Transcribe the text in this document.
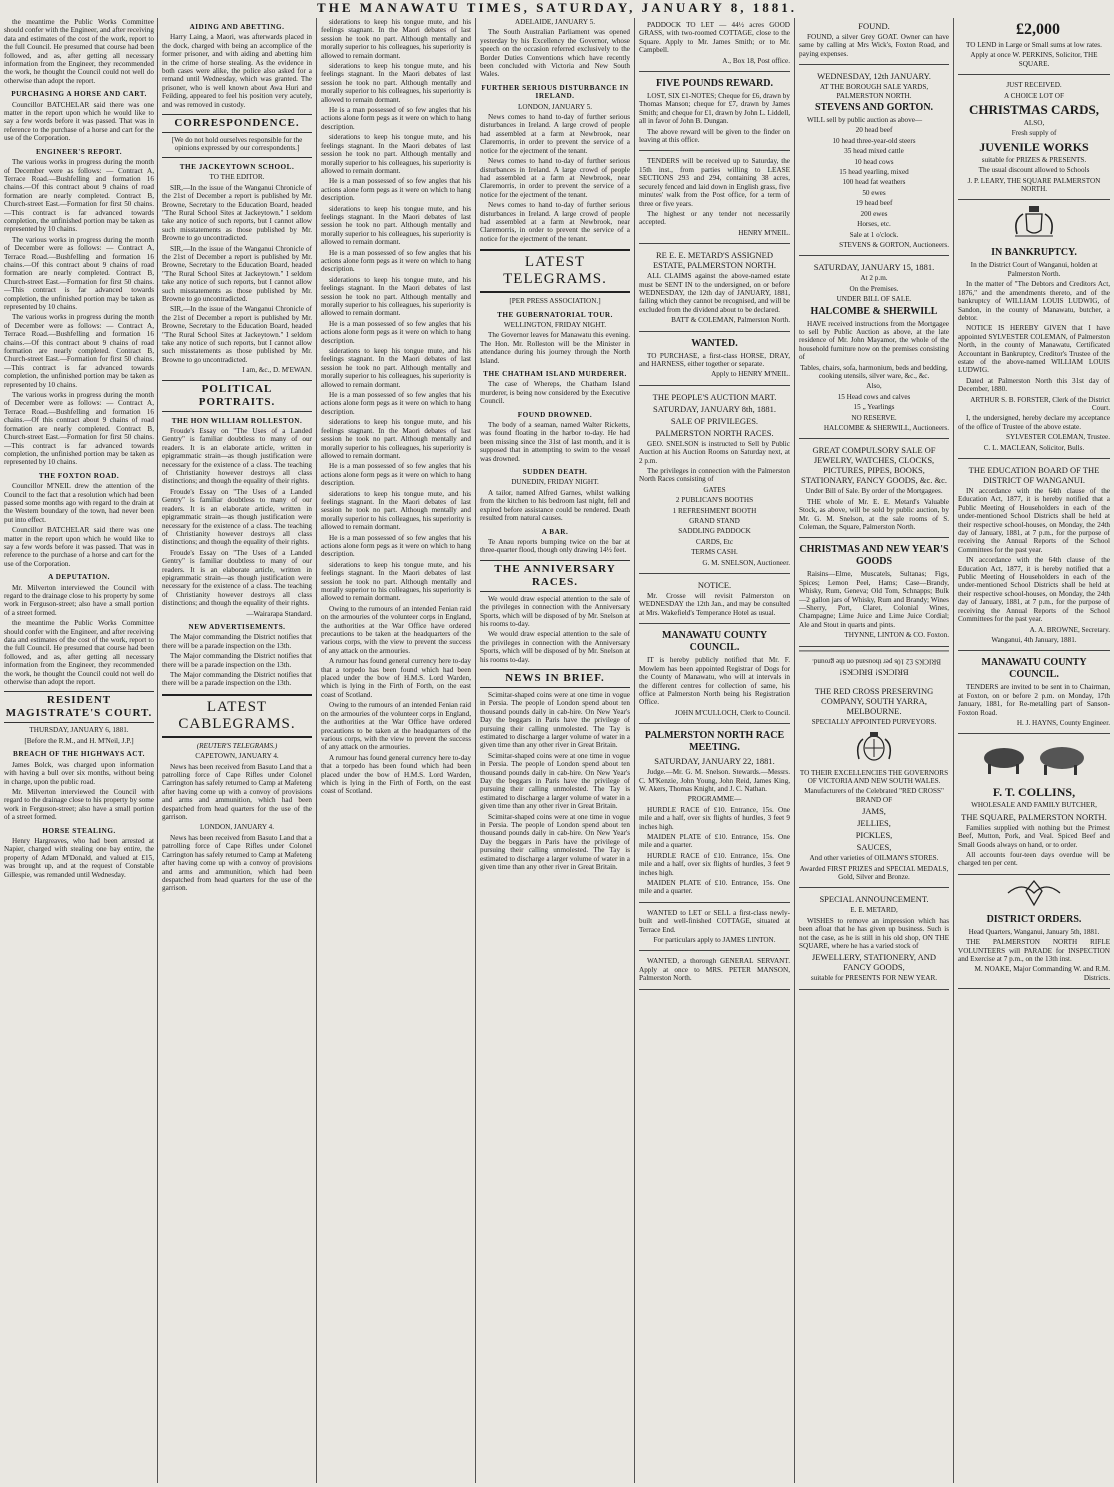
THE MANAWATU TIMES, SATURDAY, JANUARY 8, 1881.

the meantime the Public Works Committee should confer with the Engineer, and after receiving data and estimates of the cost of the work, report to the full Council. He presumed that course had been followed, and as, after getting all necessary information from the Engineer, they recommended the work, he thought the Council could not well do otherwise than adopt the report.

PURCHASING A HORSE AND CART.

Councillor BATCHELAR said there was one matter in the report upon which he would like to say a few words before it was passed. That was in reference to the purchase of a horse and cart for the use of the Corporation.

ENGINEER'S REPORT.

The various works in progress during the month of December were as follows: — Contract A, Terrace Road.—Bushfelling and formation 16 chains.—Of this contract about 9 chains of road formation are nearly completed. Contract B, Church-street East.—Formation for first 50 chains.—This contract is far advanced towards completion, the unfinished portion may be taken as represented by 10 chains.

The various works in progress during the month of December were as follows: — Contract A, Terrace Road.—Bushfelling and formation 16 chains.—Of this contract about 9 chains of road formation are nearly completed. Contract B, Church-street East.—Formation for first 50 chains.—This contract is far advanced towards completion, the unfinished portion may be taken as represented by 10 chains.

The various works in progress during the month of December were as follows: — Contract A, Terrace Road.—Bushfelling and formation 16 chains.—Of this contract about 9 chains of road formation are nearly completed. Contract B, Church-street East.—Formation for first 50 chains.—This contract is far advanced towards completion, the unfinished portion may be taken as represented by 10 chains.

The various works in progress during the month of December were as follows: — Contract A, Terrace Road.—Bushfelling and formation 16 chains.—Of this contract about 9 chains of road formation are nearly completed. Contract B, Church-street East.—Formation for first 50 chains.—This contract is far advanced towards completion, the unfinished portion may be taken as represented by 10 chains.

THE FOXTON ROAD.

Councillor M'NEIL drew the attention of the Council to the fact that a resolution which had been passed some months ago with regard to the drain at the Western boundary of the town, had never been put into effect.

Councillor BATCHELAR said there was one matter in the report upon which he would like to say a few words before it was passed. That was in reference to the purchase of a horse and cart for the use of the Corporation.

A DEPUTATION.

Mr. Milverton interviewed the Council with regard to the drainage close to his property by some work in Ferguson-street; also have a small portion of a street formed.

the meantime the Public Works Committee should confer with the Engineer, and after receiving data and estimates of the cost of the work, report to the full Council. He presumed that course had been followed, and as, after getting all necessary information from the Engineer, they recommended the work, he thought the Council could not well do otherwise than adopt the report.

RESIDENT MAGISTRATE'S COURT.

THURSDAY, JANUARY 6, 1881.

[Before the R.M., and H. M'Neil, J.P.]

BREACH OF THE HIGHWAYS ACT.

James Bolck, was charged upon information with having a bull over six months, without being in charge, upon the public road.

Mr. Milverton interviewed the Council with regard to the drainage close to his property by some work in Ferguson-street; also have a small portion of a street formed.

HORSE STEALING.

Henry Hargreaves, who had been arrested at Napier, charged with stealing one bay entire, the property of Adam M'Donald, and valued at £15, was brought up, and at the request of Constable Gillespie, was remanded until Wednesday.

AIDING AND ABETTING.

Harry Laing, a Maori, was afterwards placed in the dock, charged with being an accomplice of the former prisoner, and with aiding and abetting him in the crime of horse stealing. As the evidence in both cases were alike, the police also asked for a remand until Wednesday, which was granted. The prisoner, who is well known about Awa Huri and Feilding, appeared to feel his position very acutely, and was removed in custody.

CORRESPONDENCE.

[We do not hold ourselves responsible for the opinions expressed by our correspondents.]

THE JACKEYTOWN SCHOOL.

TO THE EDITOR.

SIR,—In the issue of the Wanganui Chronicle of the 21st of December a report is published by Mr. Browne, Secretary to the Education Board, headed "The Rural School Sites at Jackeytown." I seldom take any notice of such reports, but I cannot allow such misstatements as those published by Mr. Browne to go uncontradicted.

SIR,—In the issue of the Wanganui Chronicle of the 21st of December a report is published by Mr. Browne, Secretary to the Education Board, headed "The Rural School Sites at Jackeytown." I seldom take any notice of such reports, but I cannot allow such misstatements as those published by Mr. Browne to go uncontradicted.

SIR,—In the issue of the Wanganui Chronicle of the 21st of December a report is published by Mr. Browne, Secretary to the Education Board, headed "The Rural School Sites at Jackeytown." I seldom take any notice of such reports, but I cannot allow such misstatements as those published by Mr. Browne to go uncontradicted.

I am, &c., D. M'EWAN.

POLITICAL PORTRAITS.

THE HON WILLIAM ROLLESTON.

Froude's Essay on "The Uses of a Landed Gentry" is familiar doubtless to many of our readers. It is an elaborate article, written in epigrammatic strain—as though justification were necessary for the existence of a class. The teaching of Christianity however destroys all class distinctions; and though the equality of their rights.

Froude's Essay on "The Uses of a Landed Gentry" is familiar doubtless to many of our readers. It is an elaborate article, written in epigrammatic strain—as though justification were necessary for the existence of a class. The teaching of Christianity however destroys all class distinctions; and though the equality of their rights.

Froude's Essay on "The Uses of a Landed Gentry" is familiar doubtless to many of our readers. It is an elaborate article, written in epigrammatic strain—as though justification were necessary for the existence of a class. The teaching of Christianity however destroys all class distinctions; and though the equality of their rights.

—Wairarapa Standard.

NEW ADVERTISEMENTS.

The Major commanding the District notifies that there will be a parade inspection on the 13th.

The Major commanding the District notifies that there will be a parade inspection on the 13th.

The Major commanding the District notifies that there will be a parade inspection on the 13th.

LATEST CABLEGRAMS.

(REUTER'S TELEGRAMS.)

CAPETOWN, JANUARY 4.

News has been received from Basuto Land that a patrolling force of Cape Rifles under Colonel Carrington has safely returned to Camp at Mafeteng after having come up with a convoy of provisions and arms and ammunition, which had been despatched from head quarters for the use of the garrison.

LONDON, JANUARY 4.

News has been received from Basuto Land that a patrolling force of Cape Rifles under Colonel Carrington has safely returned to Camp at Mafeteng after having come up with a convoy of provisions and arms and ammunition, which had been despatched from head quarters for the use of the garrison.

siderations to keep his tongue mute, and his feelings stagnant. In the Maori debates of last session he took no part. Although mentally and morally superior to his colleagues, his superiority is allowed to remain dormant.

siderations to keep his tongue mute, and his feelings stagnant. In the Maori debates of last session he took no part. Although mentally and morally superior to his colleagues, his superiority is allowed to remain dormant.

He is a man possessed of so few angles that his actions alone form pegs as it were on which to hang description.

siderations to keep his tongue mute, and his feelings stagnant. In the Maori debates of last session he took no part. Although mentally and morally superior to his colleagues, his superiority is allowed to remain dormant.

He is a man possessed of so few angles that his actions alone form pegs as it were on which to hang description.

siderations to keep his tongue mute, and his feelings stagnant. In the Maori debates of last session he took no part. Although mentally and morally superior to his colleagues, his superiority is allowed to remain dormant.

He is a man possessed of so few angles that his actions alone form pegs as it were on which to hang description.

siderations to keep his tongue mute, and his feelings stagnant. In the Maori debates of last session he took no part. Although mentally and morally superior to his colleagues, his superiority is allowed to remain dormant.

He is a man possessed of so few angles that his actions alone form pegs as it were on which to hang description.

siderations to keep his tongue mute, and his feelings stagnant. In the Maori debates of last session he took no part. Although mentally and morally superior to his colleagues, his superiority is allowed to remain dormant.

He is a man possessed of so few angles that his actions alone form pegs as it were on which to hang description.

siderations to keep his tongue mute, and his feelings stagnant. In the Maori debates of last session he took no part. Although mentally and morally superior to his colleagues, his superiority is allowed to remain dormant.

He is a man possessed of so few angles that his actions alone form pegs as it were on which to hang description.

siderations to keep his tongue mute, and his feelings stagnant. In the Maori debates of last session he took no part. Although mentally and morally superior to his colleagues, his superiority is allowed to remain dormant.

He is a man possessed of so few angles that his actions alone form pegs as it were on which to hang description.

siderations to keep his tongue mute, and his feelings stagnant. In the Maori debates of last session he took no part. Although mentally and morally superior to his colleagues, his superiority is allowed to remain dormant.

Owing to the rumours of an intended Fenian raid on the armouries of the volunteer corps in England, the authorities at the War Office have ordered precautions to be taken at the headquarters of the various corps, with the view to prevent the success of any attack on the armouries.

A rumour has found general currency here to-day that a torpedo has been found which had been placed under the bow of H.M.S. Lord Warden, which is lying in the Firth of Forth, on the east coast of Scotland.

Owing to the rumours of an intended Fenian raid on the armouries of the volunteer corps in England, the authorities at the War Office have ordered precautions to be taken at the headquarters of the various corps, with the view to prevent the success of any attack on the armouries.

A rumour has found general currency here to-day that a torpedo has been found which had been placed under the bow of H.M.S. Lord Warden, which is lying in the Firth of Forth, on the east coast of Scotland.

ADELAIDE, JANUARY 5.

The South Australian Parliament was opened yesterday by his Excellency the Governor, whose speech on the occasion referred exclusively to the Border Duties Conventions which have recently been concluded with Victoria and New South Wales.

FURTHER SERIOUS DISTURBANCE IN IRELAND.

LONDON, JANUARY 5.

News comes to hand to-day of further serious disturbances in Ireland. A large crowd of people had assembled at a farm at Newbrook, near Claremorris, in order to prevent the service of a notice for the ejectment of the tenant.

News comes to hand to-day of further serious disturbances in Ireland. A large crowd of people had assembled at a farm at Newbrook, near Claremorris, in order to prevent the service of a notice for the ejectment of the tenant.

News comes to hand to-day of further serious disturbances in Ireland. A large crowd of people had assembled at a farm at Newbrook, near Claremorris, in order to prevent the service of a notice for the ejectment of the tenant.

LATEST TELEGRAMS.

[PER PRESS ASSOCIATION.]

THE GUBERNATORIAL TOUR.

WELLINGTON, FRIDAY NIGHT.

The Governor leaves for Manawatu this evening. The Hon. Mr. Rolleston will be the Minister in attendance during his journey through the North Island.

THE CHATHAM ISLAND MURDERER.

The case of Whereps, the Chatham Island murderer, is being now considered by the Executive Council.

FOUND DROWNED.

The body of a seaman, named Walter Ricketts, was found floating in the harbor to-day. He had been missing since the 31st of last month, and it is supposed that in attempting to swim to the vessel was drowned.

SUDDEN DEATH.

DUNEDIN, FRIDAY NIGHT.

A tailor, named Alfred Garnes, whilst walking from the kitchen to his bedroom last night, fell and expired before assistance could be rendered. Death resulted from natural causes.

A BAR.

Te Anau reports bumping twice on the bar at three-quarter flood, though only drawing 14½ feet.

THE ANNIVERSARY RACES.

We would draw especial attention to the sale of the privileges in connection with the Anniversary Sports, which will be disposed of by Mr. Snelson at his rooms to-day.

We would draw especial attention to the sale of the privileges in connection with the Anniversary Sports, which will be disposed of by Mr. Snelson at his rooms to-day.

NEWS IN BRIEF.

Scimitar-shaped coins were at one time in vogue in Persia. The people of London spend about ten thousand pounds daily in cab-hire. On New Year's Day the beggars in Paris have the privilege of pursuing their calling unmolested. The Tay is estimated to discharge a larger volume of water in a given time than any other river in Great Britain.

Scimitar-shaped coins were at one time in vogue in Persia. The people of London spend about ten thousand pounds daily in cab-hire. On New Year's Day the beggars in Paris have the privilege of pursuing their calling unmolested. The Tay is estimated to discharge a larger volume of water in a given time than any other river in Great Britain.

Scimitar-shaped coins were at one time in vogue in Persia. The people of London spend about ten thousand pounds daily in cab-hire. On New Year's Day the beggars in Paris have the privilege of pursuing their calling unmolested. The Tay is estimated to discharge a larger volume of water in a given time than any other river in Great Britain.

PADDOCK TO LET — 44½ acres GOOD GRASS, with two-roomed COTTAGE, close to the Square. Apply to Mr. James Smith; or to Mr. Campbell.

A., Box 18, Post office.

FIVE POUNDS REWARD.

LOST, SIX £1-NOTES; Cheque for £6, drawn by Thomas Manson; cheque for £7, drawn by James Smith; and cheque for £1, drawn by John L. Liddell, all in favor of John B. Dungan.

The above reward will be given to the finder on leaving at this office.

TENDERS will be received up to Saturday, the 15th inst., from parties willing to LEASE SECTIONS 293 and 294, containing 38 acres, securely fenced and laid down in English grass, five minutes' walk from the Post office, for a term of three or five years.

The highest or any tender not necessarily accepted.

HENRY M'NEIL.

RE E. E. METARD'S ASSIGNED ESTATE, PALMERSTON NORTH.

ALL CLAIMS against the above-named estate must be SENT IN to the undersigned, on or before WEDNESDAY, the 12th day of JANUARY, 1881, failing which they cannot be recognised, and will be excluded from the dividend about to be declared.

BATT & COLEMAN, Palmerston North.

WANTED.

TO PURCHASE, a first-class HORSE, DRAY, and HARNESS, either together or separate.

Apply to HENRY M'NEIL.

THE PEOPLE'S AUCTION MART.

SATURDAY, JANUARY 8th, 1881.

SALE OF PRIVILEGES.

PALMERSTON NORTH RACES.

GEO. SNELSON is instructed to Sell by Public Auction at his Auction Rooms on Saturday next, at 2 p.m.

The privileges in connection with the Palmerston North Races consisting of

GATES

2 PUBLICAN'S BOOTHS

1 REFRESHMENT BOOTH

GRAND STAND

SADDLING PADDOCK

CARDS, Etc

TERMS CASH.

G. M. SNELSON, Auctioneer.

NOTICE.

Mr. Crosse will revisit Palmerston on WEDNESDAY the 12th Jan., and may be consulted at Mrs. Wakefield's Temperance Hotel as usual.

MANAWATU COUNTY COUNCIL.

IT is hereby publicly notified that Mr. F. Mowlem has been appointed Registrar of Dogs for the County of Manawatu, who will at intervals in the different centres for collection of same, his office at Palmerston North being his Registration Office.

JOHN M'CULLOCH, Clerk to Council.

PALMERSTON NORTH RACE MEETING.

SATURDAY, JANUARY 22, 1881.

Judge.—Mr. G. M. Snelson. Stewards.—Messrs. C. M'Kenzie, John Young, John Reid, James King, W. Akers, Thomas Knight, and J. C. Nathan.

PROGRAMME—

HURDLE RACE of £10. Entrance, 15s. One mile and a half, over six flights of hurdles, 3 feet 9 inches high.

MAIDEN PLATE of £10. Entrance, 15s. One mile and a quarter.

HURDLE RACE of £10. Entrance, 15s. One mile and a half, over six flights of hurdles, 3 feet 9 inches high.

MAIDEN PLATE of £10. Entrance, 15s. One mile and a quarter.

WANTED to LET or SELL a first-class newly-built and well-finished COTTAGE, situated at Terrace End.

For particulars apply to JAMES LINTON.

WANTED, a thorough GENERAL SERVANT. Apply at once to MRS. PETER MANSON, Palmerston North.

FOUND.

FOUND, a silver Grey GOAT. Owner can have same by calling at Mrs Wick's, Foxton Road, and paying expenses.

WEDNESDAY, 12th JANUARY.

AT THE BOROUGH SALE YARDS, PALMERSTON NORTH.

STEVENS AND GORTON.

WILL sell by public auction as above—

20 head beef

10 head three-year-old steers

35 head mixed cattle

10 head cows

15 head yearling, mixed

100 head fat weathers

50 ewes

19 head beef

200 ewes

Horses, etc.

Sale at 1 o'clock.

STEVENS & GORTON, Auctioneers.

SATURDAY, JANUARY 15, 1881.

At 2 p.m.

On the Premises.

UNDER BILL OF SALE.

HALCOMBE & SHERWILL

HAVE received instructions from the Mortgagee to sell by Public Auction as above, at the late residence of Mr. John Mayamor, the whole of the household furniture now on the premises consisting of

Tables, chairs, sofa, harmonium, beds and bedding, cooking utensils, silver ware, &c., &c.

Also,

15 Head cows and calves

15 „ Yearlings

NO RESERVE.

HALCOMBE & SHERWILL, Auctioneers.

GREAT COMPULSORY SALE OF JEWELRY, WATCHES, CLOCKS, PICTURES, PIPES, BOOKS, STATIONARY, FANCY GOODS, &c. &c.

Under Bill of Sale. By order of the Mortgagees.

THE whole of Mr. E. E. Metard's Valuable Stock, as above, will be sold by public auction, by Mr. G. M. Snelson, at the sale rooms of S. Coleman, the Square, Palmerston North.

CHRISTMAS AND NEW YEAR'S GOODS

Raisins—Elme, Muscatels, Sultanas; Figs, Spices; Lemon Peel, Hams; Case—Brandy, Whisky, Rum, Geneva; Old Tom, Schnapps; Bulk—2 gallon jars of Whisky, Rum and Brandy; Wines—Sherry, Port, Claret, Colonial Wines, Champagne; Lime Juice and Lime Juice Cordial; Ale and Stout in quarts and pints.

THYNNE, LINTON & CO. Foxton.

BRICKS! BRICKS!

BRICKS £2 10s per thousand on the ground.

THE RED CROSS PRESERVING COMPANY, SOUTH YARRA, MELBOURNE.

SPECIALLY APPOINTED PURVEYORS.

TO THEIR EXCELLENCIES THE GOVERNORS OF VICTORIA AND NEW SOUTH WALES.

Manufacturers of the Celebrated "RED CROSS" BRAND OF

JAMS,

JELLIES,

PICKLES,

SAUCES,

And other varieties of OILMAN'S STORES.

Awarded FIRST PRIZES and SPECIAL MEDALS, Gold, Silver and Bronze.

SPECIAL ANNOUNCEMENT.

E. E. METARD,

WISHES to remove an impression which has been afloat that he has given up business. Such is not the case, as he is still in his old shop, ON THE SQUARE, where he has a varied stock of

JEWELLERY, STATIONERY, AND FANCY GOODS,

suitable for PRESENTS FOR NEW YEAR.

£2,000

TO LEND in Large or Small sums at low rates.

Apply at once W. PERKINS, Solicitor, THE SQUARE.

JUST RECEIVED.

A CHOICE LOT OF

CHRISTMAS CARDS,

ALSO,

Fresh supply of

JUVENILE WORKS

suitable for PRIZES & PRESENTS.

The usual discount allowed to Schools

J. P. LEARY, THE SQUARE PALMERSTON NORTH.

IN BANKRUPTCY.

In the District Court of Wanganui, holden at Palmerston North.

In the matter of "The Debtors and Creditors Act, 1876," and the amendments thereto, and of the bankruptcy of WILLIAM LOUIS LUDWIG, of Sandon, in the county of Manawatu, butcher, a debtor.

NOTICE IS HEREBY GIVEN that I have appointed SYLVESTER COLEMAN, of Palmerston North, in the county of Manawatu, Certificated Accountant in Bankruptcy, Creditor's Trustee of the estate of the above-named WILLIAM LOUIS LUDWIG.

Dated at Palmerston North this 31st day of December, 1880.

ARTHUR S. B. FORSTER, Clerk of the District Court.

I, the undersigned, hereby declare my acceptance of the office of Trustee of the above estate.

SYLVESTER COLEMAN, Trustee.

C. L. MACLEAN, Solicitor, Bulls.

THE EDUCATION BOARD OF THE DISTRICT OF WANGANUI.

IN accordance with the 64th clause of the Education Act, 1877, it is hereby notified that a Public Meeting of Householders in each of the under-mentioned School Districts shall be held at their respective school-houses, on Monday, the 24th day of January, 1881, at 7 p.m., for the purpose of receiving the Annual Reports of the School Committees for the past year.

IN accordance with the 64th clause of the Education Act, 1877, it is hereby notified that a Public Meeting of Householders in each of the under-mentioned School Districts shall be held at their respective school-houses, on Monday, the 24th day of January, 1881, at 7 p.m., for the purpose of receiving the Annual Reports of the School Committees for the past year.

A. A. BROWNE, Secretary.

Wanganui, 4th January, 1881.

MANAWATU COUNTY COUNCIL.

TENDERS are invited to be sent in to Chairman, at Foxton, on or before 2 p.m. on Monday, 17th January, 1881, for Re-metalling part of Sanson-Foxton Road.

H. J. HAYNS, County Engineer.

F. T. COLLINS,

WHOLESALE AND FAMILY BUTCHER,

THE SQUARE, PALMERSTON NORTH.

Families supplied with nothing but the Primest Beef, Mutton, Pork, and Veal. Spiced Beef and Small Goods always on hand, or to order.

All accounts four-teen days overdue will be charged ten per cent.

DISTRICT ORDERS.

Head Quarters, Wanganui, January 5th, 1881.

THE PALMERSTON NORTH RIFLE VOLUNTEERS will PARADE for INSPECTION and Exercise at 7 p.m., on the 13th inst.

M. NOAKE, Major Commanding W. and R.M. Districts.
